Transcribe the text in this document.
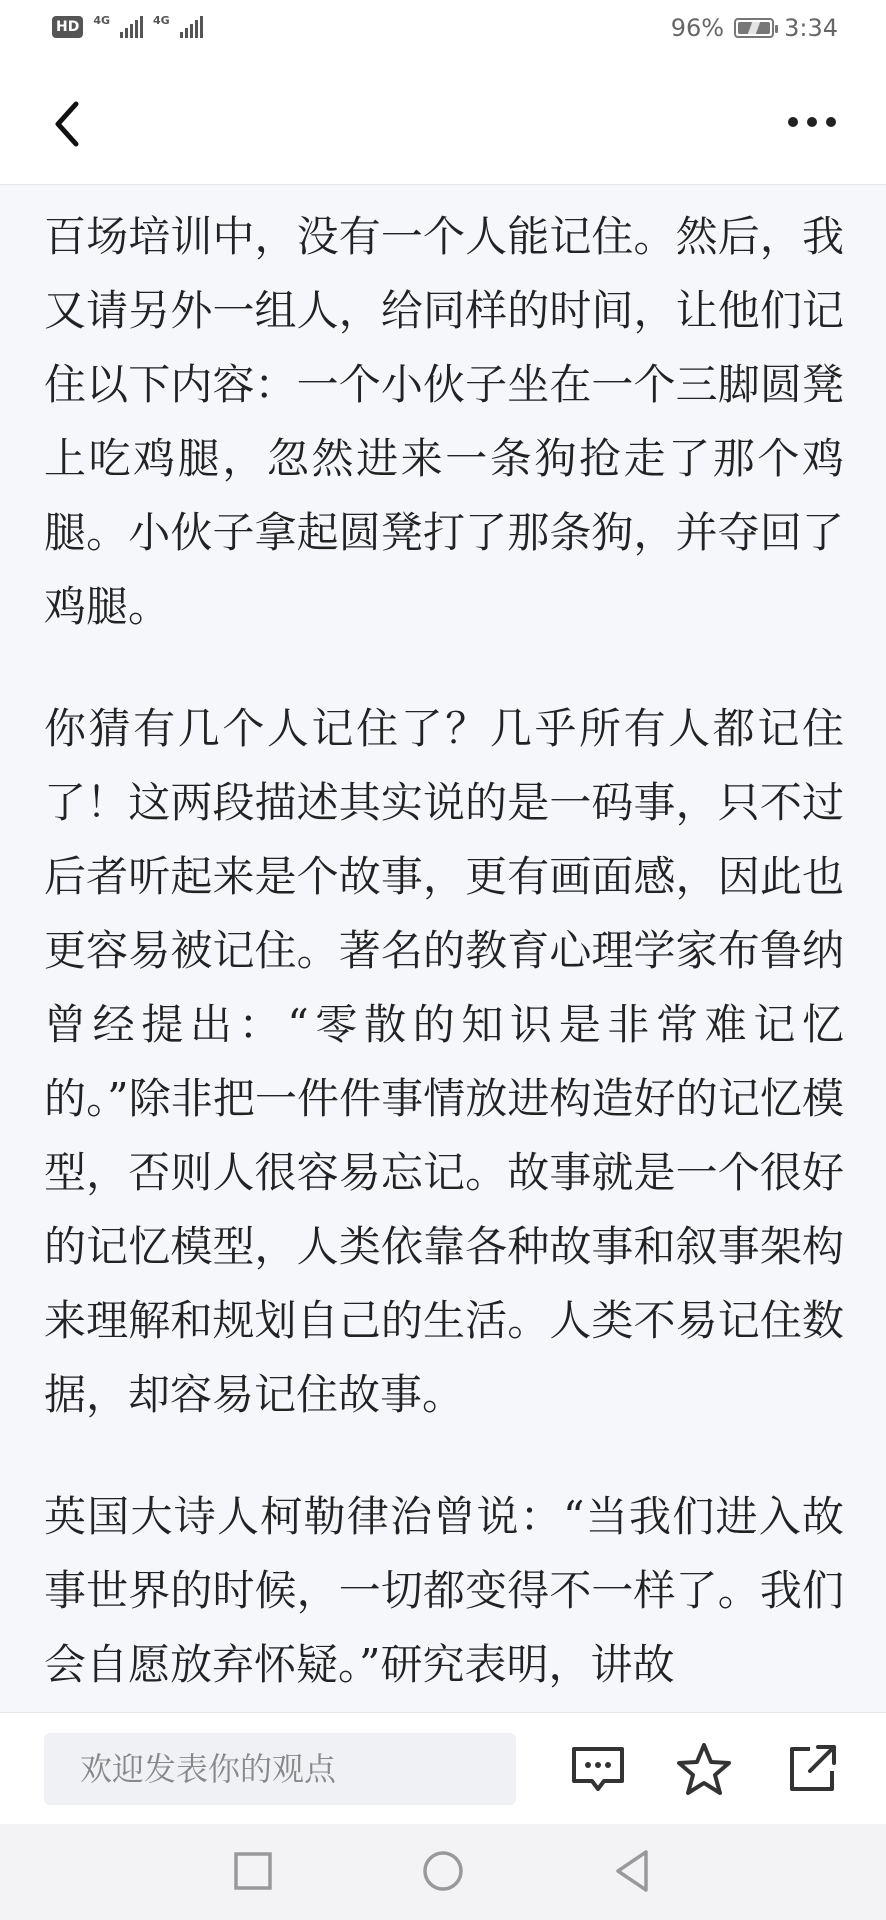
HD	4G	4G	96%	3:34

百场培训中，没有一个人能记住。然后，我又请另外一组人，给同样的时间，让他们记住以下内容：一个小伙子坐在一个三脚圆凳上吃鸡腿，忽然进来一条狗抢走了那个鸡腿。小伙子拿起圆凳打了那条狗，并夺回了鸡腿。

你猜有几个人记住了？几乎所有人都记住了！这两段描述其实说的是一码事，只不过后者听起来是个故事，更有画面感，因此也更容易被记住。著名的教育心理学家布鲁纳曾经提出：“零散的知识是非常难记忆的。”除非把一件件事情放进构造好的记忆模型，否则人很容易忘记。故事就是一个很好的记忆模型，人类依靠各种故事和叙事架构来理解和规划自己的生活。人类不易记住数据，却容易记住故事。

英国大诗人柯勒律治曾说：“当我们进入故事世界的时候，一切都变得不一样了。我们会自愿放弃怀疑。”研究表明，讲故

欢迎发表你的观点
